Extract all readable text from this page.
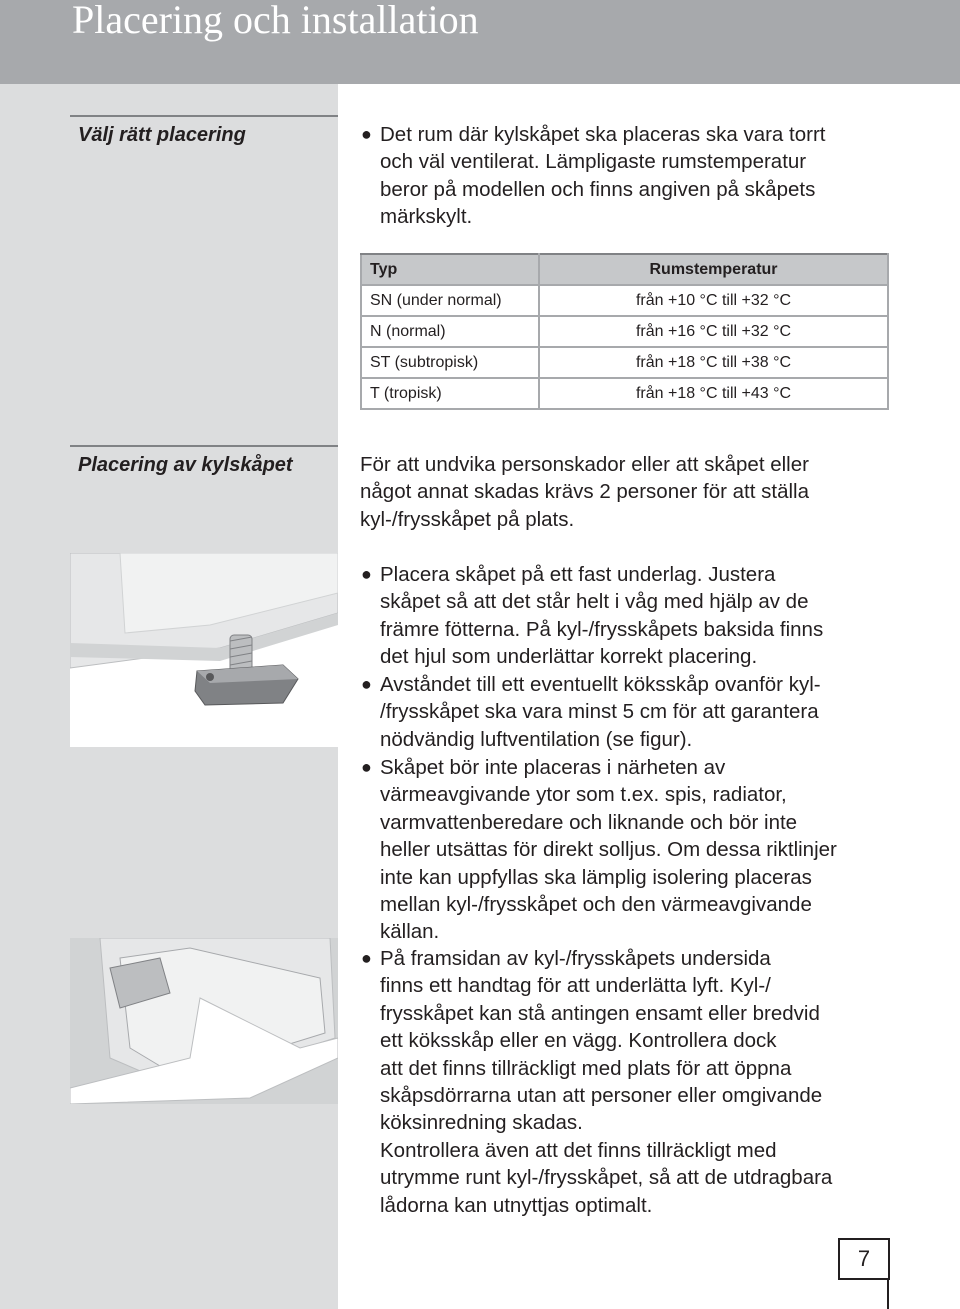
Placering och installation

Välj rätt placering	● Det rum där kylskåpet ska placeras ska vara torrt
och väl ventilerat. Lämpligaste rumstemperatur
beror på modellen och finns angiven på skåpets
märkskylt.
Typ	Rumstemperatur
SN (under normal)	från +10 °C till +32 °C
N (normal)	från +16 °C till +32 °C
ST (subtropisk)	från +18 °C till +38 °C
T (tropisk)	från +18 °C till +43 °C

Placering av kylskåpet	För att undvika personskador eller att skåpet eller
något annat skadas krävs 2 personer för att ställa
kyl-/frysskåpet på plats.
● Placera skåpet på ett fast underlag. Justera
skåpet så att det står helt i våg med hjälp av de
främre fötterna. På kyl-/frysskåpets baksida finns
det hjul som underlättar korrekt placering.
● Avståndet till ett eventuellt köksskåp ovanför kyl-
/frysskåpet ska vara minst 5 cm för att garantera
nödvändig luftventilation (se figur).
● Skåpet bör inte placeras i närheten av
värmeavgivande ytor som t.ex. spis, radiator,
varmvattenberedare och liknande och bör inte
heller utsättas för direkt solljus. Om dessa riktlinjer
inte kan uppfyllas ska lämplig isolering placeras
mellan kyl-/frysskåpet och den värmeavgivande
källan.
● På framsidan av kyl-/frysskåpets undersida
finns ett handtag för att underlätta lyft. Kyl-/
frysskåpet kan stå antingen ensamt eller bredvid
ett köksskåp eller en vägg. Kontrollera dock
att det finns tillräckligt med plats för att öppna
skåpsdörrarna utan att personer eller omgivande
köksinredning skadas.
Kontrollera även att det finns tillräckligt med
utrymme runt kyl-/frysskåpet, så att de utdragbara
lådorna kan utnyttjas optimalt.
7
